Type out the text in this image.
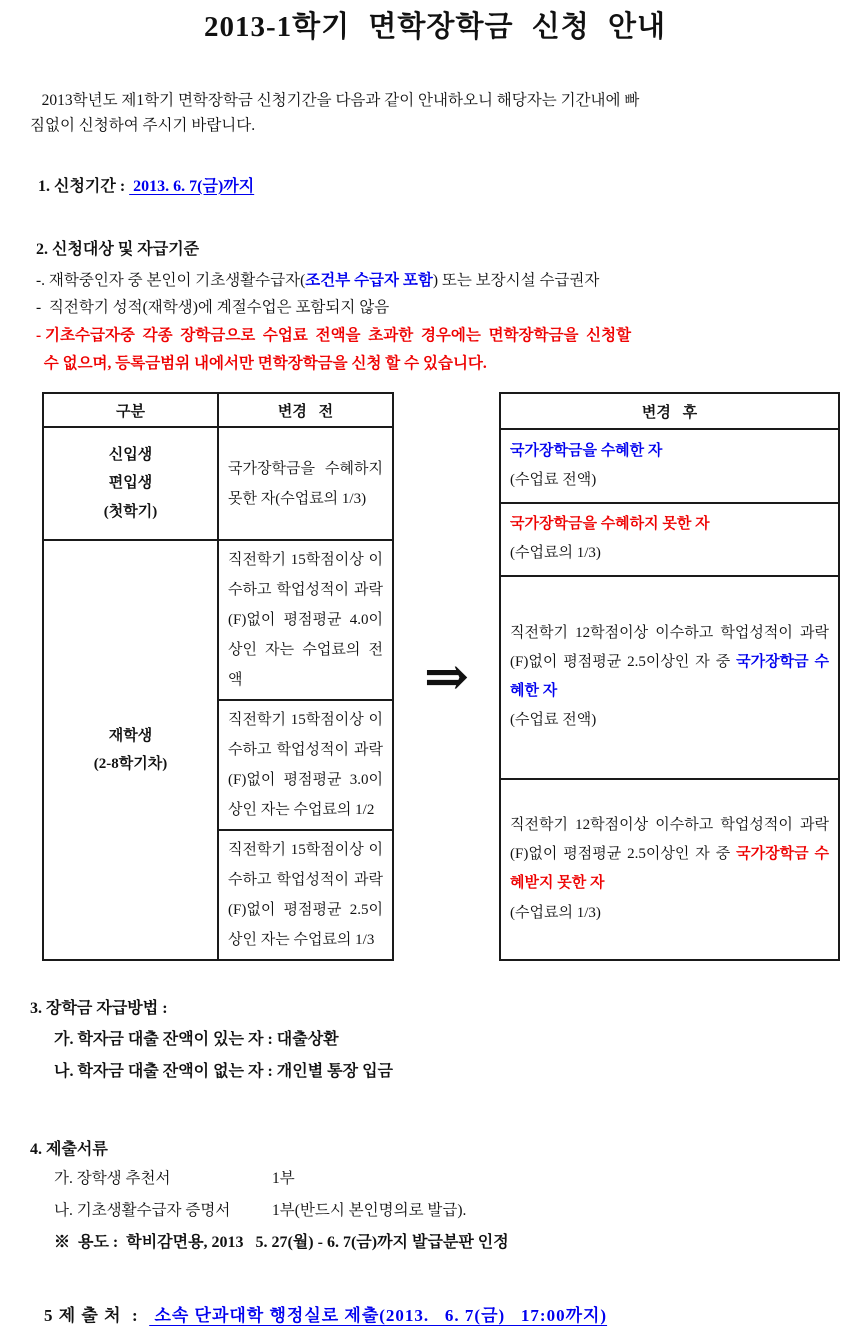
2013-1학기 면학장학금 신청 안내
2013학년도 제1학기 면학장학금 신청기간을 다음과 같이 안내하오니 해당자는 기간내에 빠
짐없이 신청하여 주시기 바랍니다.
1. 신청기간 :  2013. 6. 7(금)까지
2. 신청대상 및 자급기준
-. 재학중인자 중 본인이 기초생활수급자(조건부 수급자 포함) 또는 보장시설 수급권자
-  직전학기 성적(재학생)에 계절수업은 포함되지 않음
- 기초수급자중  각종  장학금으로  수업료  전액을  초과한  경우에는  면학장학금을  신청할
수 없으며, 등록금범위 내에서만 면학장학금을 신청 할 수 있습니다.
구분	변경 전

신입생
편입생
(첫학기)	국가장학금을 수혜하지 못한 자(수업료의 1/3)

재학생
(2-8학기차)	직전학기 15학점이상 이수하고 학업성적이 과락(F)없이 평점평균 4.0이상인 자는 수업료의 전액
	직전학기 15학점이상 이수하고 학업성적이 과락(F)없이 평점평균 3.0이상인 자는 수업료의 1/2
	직전학기 15학점이상 이수하고 학업성적이 과락(F)없이 평점평균 2.5이상인 자는 수업료의 1/3
⇒
변경 후

국가장학금을 수혜한 자
(수업료 전액)

국가장학금을 수혜하지 못한 자
(수업료의 1/3)

직전학기 12학점이상 이수하고 학업성적이 과락(F)없이 평점평균 2.5이상인 자 중 국가장학금 수혜한 자
(수업료 전액)

직전학기 12학점이상 이수하고 학업성적이 과락(F)없이 평점평균 2.5이상인 자 중 국가장학금 수혜받지 못한 자
(수업료의 1/3)
3. 장학금 자급방법 :
가. 학자금 대출 잔액이 있는 자 : 대출상환
나. 학자금 대출 잔액이 없는 자 : 개인별 통장 입금
4. 제출서류
가. 장학생 추천서	1부
나. 기초생활수급자 증명서	1부(반드시 본인명의로 발급).
※  용도 :  학비감면용, 2013   5. 27(월) - 6. 7(금)까지 발급분판 인정
5 제 출 처  :   소속 단과대학 행정실로 제출(2013.   6. 7(금)   17:00까지)
